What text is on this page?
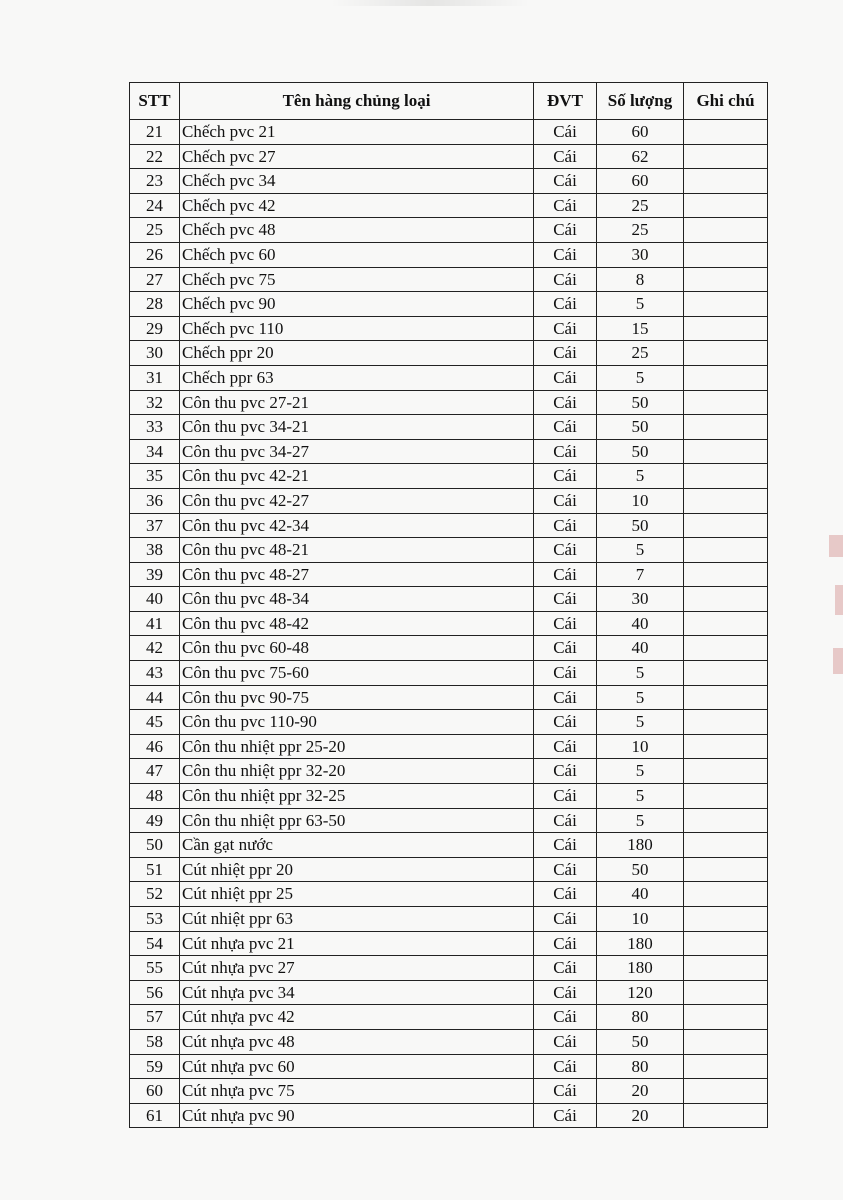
STT	Tên hàng chủng loại	ĐVT	Số lượng	Ghi chú
21	Chếch pvc 21	Cái	60	
22	Chếch pvc 27	Cái	62	
23	Chếch pvc 34	Cái	60	
24	Chếch pvc 42	Cái	25	
25	Chếch pvc 48	Cái	25	
26	Chếch pvc 60	Cái	30	
27	Chếch pvc 75	Cái	8	
28	Chếch pvc 90	Cái	5	
29	Chếch pvc 110	Cái	15	
30	Chếch ppr 20	Cái	25	
31	Chếch ppr 63	Cái	5	
32	Côn thu pvc 27-21	Cái	50	
33	Côn thu pvc 34-21	Cái	50	
34	Côn thu pvc 34-27	Cái	50	
35	Côn thu pvc 42-21	Cái	5	
36	Côn thu pvc 42-27	Cái	10	
37	Côn thu pvc 42-34	Cái	50	
38	Côn thu pvc 48-21	Cái	5	
39	Côn thu pvc 48-27	Cái	7	
40	Côn thu pvc 48-34	Cái	30	
41	Côn thu pvc 48-42	Cái	40	
42	Côn thu pvc 60-48	Cái	40	
43	Côn thu pvc 75-60	Cái	5	
44	Côn thu pvc 90-75	Cái	5	
45	Côn thu pvc 110-90	Cái	5	
46	Côn thu nhiệt ppr 25-20	Cái	10	
47	Côn thu nhiệt ppr 32-20	Cái	5	
48	Côn thu nhiệt ppr 32-25	Cái	5	
49	Côn thu nhiệt ppr 63-50	Cái	5	
50	Cần gạt nước	Cái	180	
51	Cút nhiệt ppr 20	Cái	50	
52	Cút nhiệt ppr 25	Cái	40	
53	Cút nhiệt ppr 63	Cái	10	
54	Cút nhựa pvc 21	Cái	180	
55	Cút nhựa pvc 27	Cái	180	
56	Cút nhựa pvc 34	Cái	120	
57	Cút nhựa pvc 42	Cái	80	
58	Cút nhựa pvc 48	Cái	50	
59	Cút nhựa pvc 60	Cái	80	
60	Cút nhựa pvc 75	Cái	20	
61	Cút nhựa pvc 90	Cái	20	
